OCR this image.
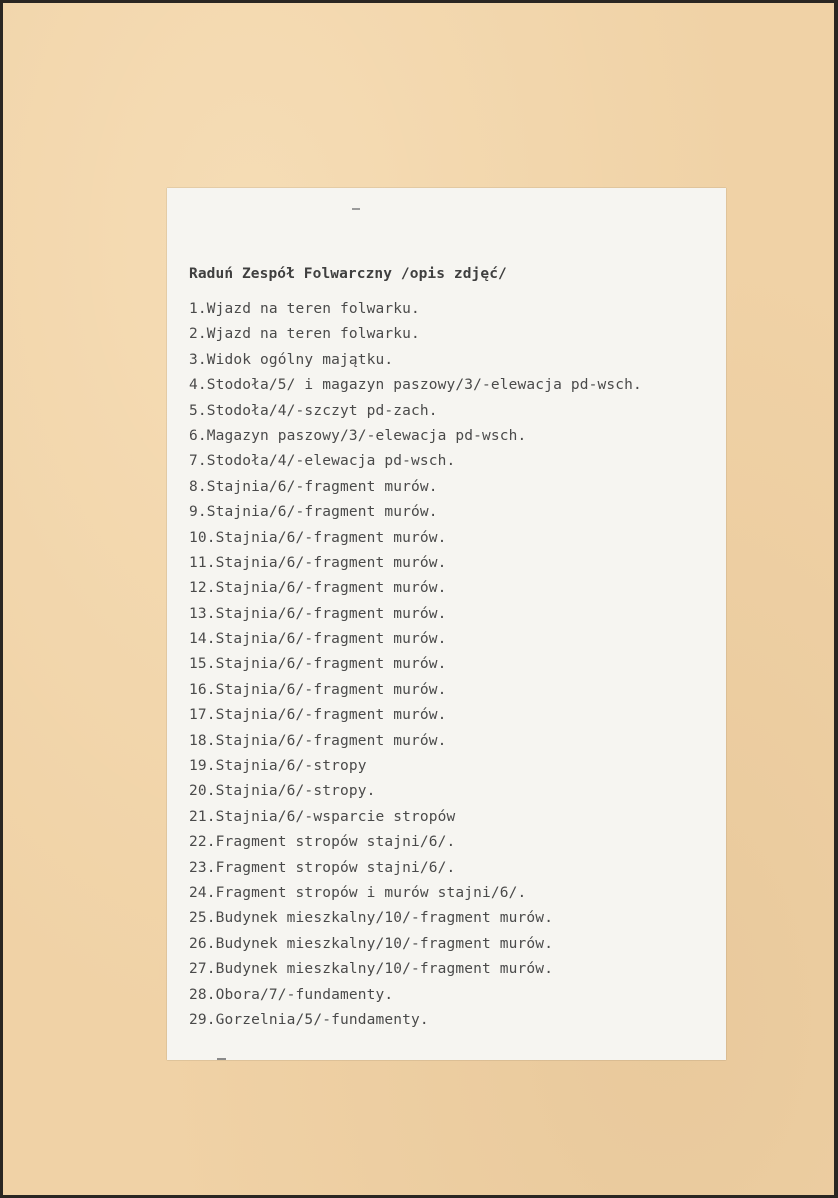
Raduń Zespół Folwarczny /opis zdjęć/

1.Wjazd na teren folwarku.
2.Wjazd na teren folwarku.
3.Widok ogólny majątku.
4.Stodoła/5/ i magazyn paszowy/3/-elewacja pd-wsch.
5.Stodoła/4/-szczyt pd-zach.
6.Magazyn paszowy/3/-elewacja pd-wsch.
7.Stodoła/4/-elewacja pd-wsch.
8.Stajnia/6/-fragment murów.
9.Stajnia/6/-fragment murów.
10.Stajnia/6/-fragment murów.
11.Stajnia/6/-fragment murów.
12.Stajnia/6/-fragment murów.
13.Stajnia/6/-fragment murów.
14.Stajnia/6/-fragment murów.
15.Stajnia/6/-fragment murów.
16.Stajnia/6/-fragment murów.
17.Stajnia/6/-fragment murów.
18.Stajnia/6/-fragment murów.
19.Stajnia/6/-stropy
20.Stajnia/6/-stropy.
21.Stajnia/6/-wsparcie stropów
22.Fragment stropów stajni/6/.
23.Fragment stropów stajni/6/.
24.Fragment stropów i murów stajni/6/.
25.Budynek mieszkalny/10/-fragment murów.
26.Budynek mieszkalny/10/-fragment murów.
27.Budynek mieszkalny/10/-fragment murów.
28.Obora/7/-fundamenty.
29.Gorzelnia/5/-fundamenty.
